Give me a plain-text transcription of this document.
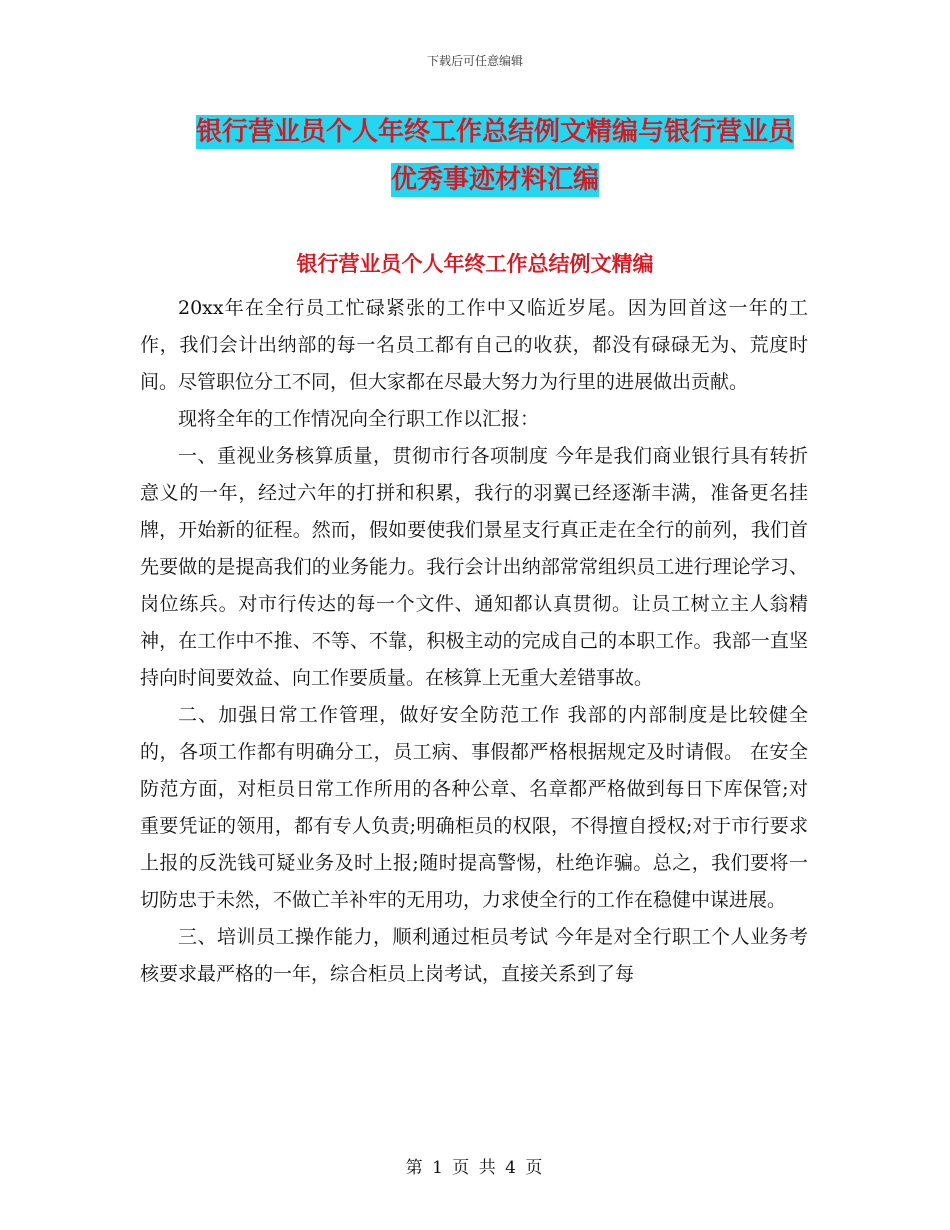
下载后可任意编辑
银行营业员个人年终工作总结例文精编与银行营业员
优秀事迹材料汇编
银行营业员个人年终工作总结例文精编

20xx年在全行员工忙碌紧张的工作中又临近岁尾。因为回首这一年的工作，我们会计出纳部的每一名员工都有自己的收获，都没有碌碌无为、荒度时间。尽管职位分工不同，但大家都在尽最大努力为行里的进展做出贡献。

现将全年的工作情况向全行职工作以汇报：

一、重视业务核算质量，贯彻市行各项制度 今年是我们商业银行具有转折意义的一年，经过六年的打拼和积累，我行的羽翼已经逐渐丰满，准备更名挂牌，开始新的征程。然而，假如要使我们景星支行真正走在全行的前列，我们首先要做的是提高我们的业务能力。我行会计出纳部常常组织员工进行理论学习、岗位练兵。对市行传达的每一个文件、通知都认真贯彻。让员工树立主人翁精神，在工作中不推、不等、不靠，积极主动的完成自己的本职工作。我部一直坚持向时间要效益、向工作要质量。在核算上无重大差错事故。

二、加强日常工作管理，做好安全防范工作 我部的内部制度是比较健全的，各项工作都有明确分工，员工病、事假都严格根据规定及时请假。 在安全防范方面，对柜员日常工作所用的各种公章、名章都严格做到每日下库保管;对重要凭证的领用，都有专人负责;明确柜员的权限，不得擅自授权;对于市行要求上报的反洗钱可疑业务及时上报;随时提高警惕，杜绝诈骗。总之，我们要将一切防忠于未然，不做亡羊补牢的无用功，力求使全行的工作在稳健中谋进展。

三、培训员工操作能力，顺利通过柜员考试 今年是对全行职工个人业务考核要求最严格的一年，综合柜员上岗考试，直接关系到了每

第 1 页 共 4 页
